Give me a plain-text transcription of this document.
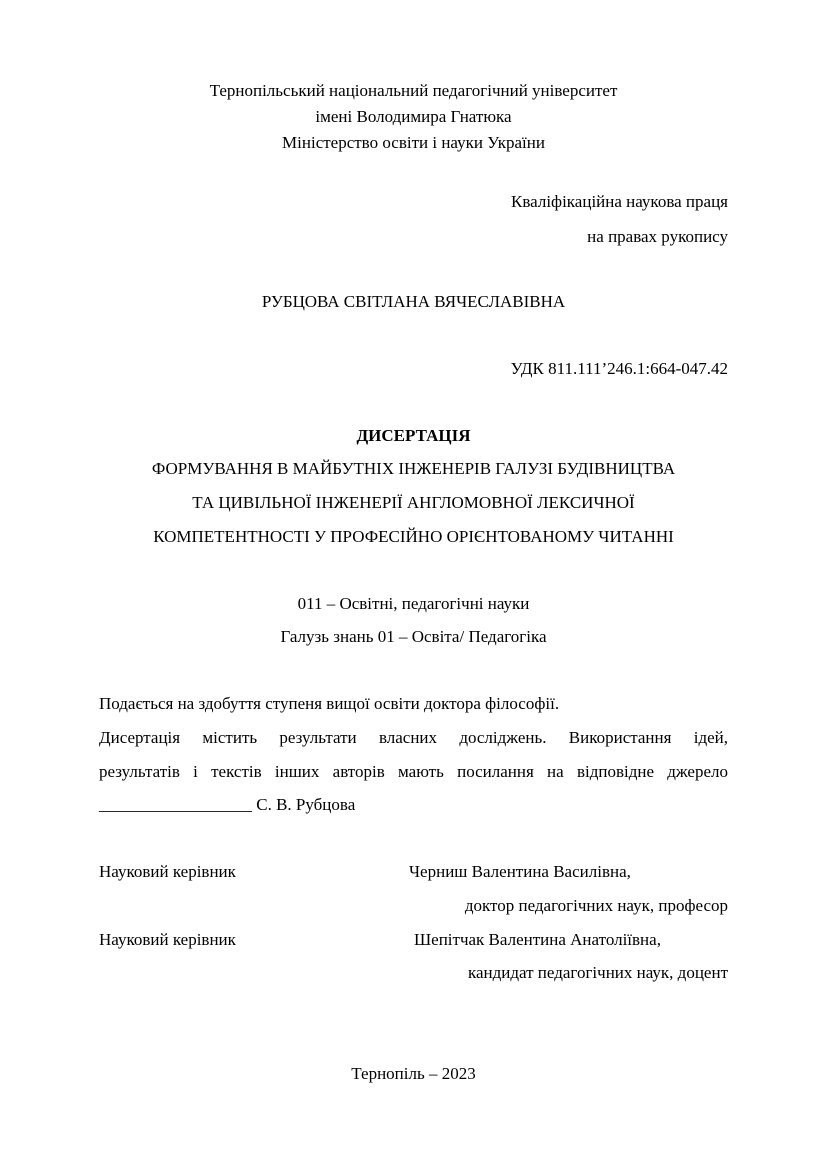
Тернопільський національний педагогічний університет
імені Володимира Гнатюка
Міністерство освіти і науки України
Кваліфікаційна наукова праця
на правах рукопису
РУБЦОВА СВІТЛАНА ВЯЧЕСЛАВІВНА
УДК 811.111’246.1:664-047.42
ДИСЕРТАЦІЯ
ФОРМУВАННЯ В МАЙБУТНІХ ІНЖЕНЕРІВ ГАЛУЗІ БУДІВНИЦТВА
ТА ЦИВІЛЬНОЇ ІНЖЕНЕРІЇ АНГЛОМОВНОЇ ЛЕКСИЧНОЇ
КОМПЕТЕНТНОСТІ У ПРОФЕСІЙНО ОРІЄНТОВАНОМУ ЧИТАННІ
011 – Освітні, педагогічні науки
Галузь знань 01 – Освіта/ Педагогіка
Подається на здобуття ступеня вищої освіти доктора філософії.
Дисертація містить результати власних досліджень. Використання ідей,
результатів і текстів інших авторів мають посилання на відповідне джерело
__________________ С. В. Рубцова
Науковий керівник	Черниш Валентина Василівна,
доктор педагогічних наук, професор
Науковий керівник	Шепітчак Валентина Анатоліївна,
кандидат педагогічних наук, доцент
Тернопіль – 2023
